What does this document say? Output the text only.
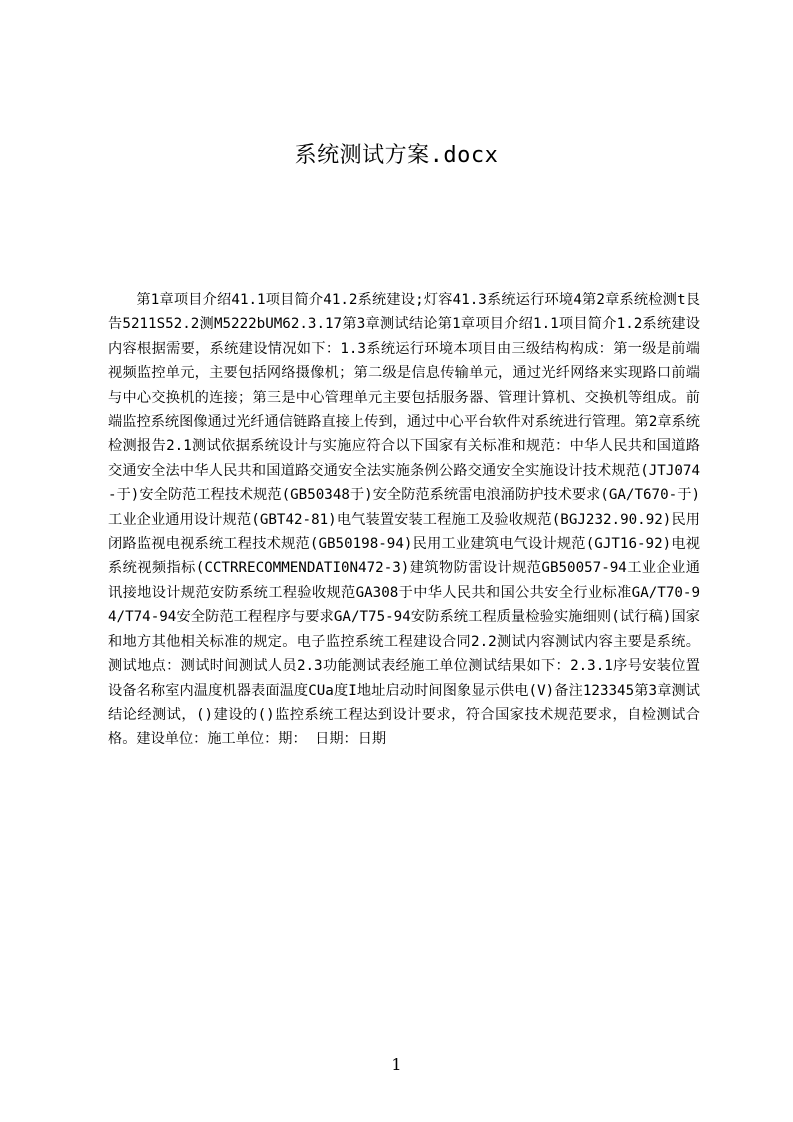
系统测试方案.docx

第1章项目介绍41.1项目简介41.2系统建设;灯容41.3系统运行环境4第2章系统检测t艮告5211S52.2测M5222bUM62.3.17第3章测试结论第1章项目介绍1.1项目简介1.2系统建设内容根据需要，系统建设情况如下：1.3系统运行环境本项目由三级结构构成：第一级是前端视频监控单元，主要包括网络摄像机；第二级是信息传输单元，通过光纤网络来实现路口前端与中心交换机的连接；第三是中心管理单元主要包括服务器、管理计算机、交换机等组成。前端监控系统图像通过光纤通信链路直接上传到，通过中心平台软件对系统进行管理。第2章系统检测报告2.1测试依据系统设计与实施应符合以下国家有关标准和规范：中华人民共和国道路交通安全法中华人民共和国道路交通安全法实施条例公路交通安全实施设计技术规范(JTJ074-于)安全防范工程技术规范(GB50348于)安全防范系统雷电浪涌防护技术要求(GA/T670-于)工业企业通用设计规范(GBT42-81)电气装置安装工程施工及验收规范(BGJ232.90.92)民用闭路监视电视系统工程技术规范(GB50198-94)民用工业建筑电气设计规范(GJT16-92)电视系统视频指标(CCTRRECOMMENDATI0N472-3)建筑物防雷设计规范GB50057-94工业企业通讯接地设计规范安防系统工程验收规范GA308于中华人民共和国公共安全行业标准GA/T70-94/T74-94安全防范工程程序与要求GA/T75-94安防系统工程质量检验实施细则(试行稿)国家和地方其他相关标准的规定。电子监控系统工程建设合同2.2测试内容测试内容主要是系统。测试地点：测试时间测试人员2.3功能测试表经施工单位测试结果如下：2.3.1序号安装位置设备名称室内温度机器表面温度CUa度I地址启动时间图象显示供电(V)备注123345第3章测试结论经测试，()建设的()监控系统工程达到设计要求，符合国家技术规范要求，自检测试合格。建设单位：施工单位：期： 日期：日期

1
